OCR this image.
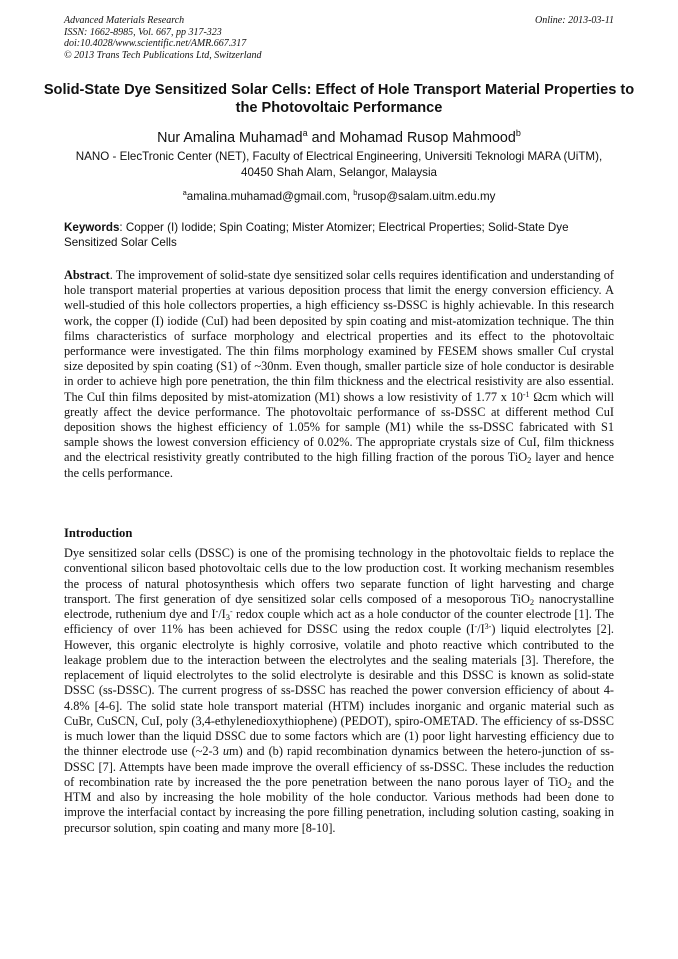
Advanced Materials Research
ISSN: 1662-8985, Vol. 667, pp 317-323
doi:10.4028/www.scientific.net/AMR.667.317
© 2013 Trans Tech Publications Ltd, Switzerland
Online: 2013-03-11
Solid-State Dye Sensitized Solar Cells: Effect of Hole Transport Material Properties to the Photovoltaic Performance
Nur Amalina Muhamad$^a$ and Mohamad Rusop Mahmood$^b$
NANO - ElecTronic Center (NET), Faculty of Electrical Engineering, Universiti Teknologi MARA (UiTM), 40450 Shah Alam, Selangor, Malaysia
$^a$amalina.muhamad@gmail.com, $^b$rusop@salam.uitm.edu.my
Keywords: Copper (I) Iodide; Spin Coating; Mister Atomizer; Electrical Properties; Solid-State Dye Sensitized Solar Cells
Abstract. The improvement of solid-state dye sensitized solar cells requires identification and understanding of hole transport material properties at various deposition process that limit the energy conversion efficiency. A well-studied of this hole collectors properties, a high efficiency ss-DSSC is highly achievable. In this research work, the copper (I) iodide (CuI) had been deposited by spin coating and mist-atomization technique. The thin films characteristics of surface morphology and electrical properties and its effect to the photovoltaic performance were investigated. The thin films morphology examined by FESEM shows smaller CuI crystal size deposited by spin coating (S1) of ~30nm. Even though, smaller particle size of hole conductor is desirable in order to achieve high pore penetration, the thin film thickness and the electrical resistivity are also essential. The CuI thin films deposited by mist-atomization (M1) shows a low resistivity of 1.77 x $10^{-1}$ Ωcm which will greatly affect the device performance. The photovoltaic performance of ss-DSSC at different method CuI deposition shows the highest efficiency of 1.05% for sample (M1) while the ss-DSSC fabricated with S1 sample shows the lowest conversion efficiency of 0.02%. The appropriate crystals size of CuI, film thickness and the electrical resistivity greatly contributed to the high filling fraction of the porous TiO$_2$ layer and hence the cells performance.
Introduction
Dye sensitized solar cells (DSSC) is one of the promising technology in the photovoltaic fields to replace the conventional silicon based photovoltaic cells due to the low production cost. It working mechanism resembles the process of natural photosynthesis which offers two separate function of light harvesting and charge transport. The first generation of dye sensitized solar cells composed of a mesoporous TiO$_2$ nanocrystalline electrode, ruthenium dye and $I^-/I_3^-$ redox couple which act as a hole conductor of the counter electrode [1]. The efficiency of over 11% has been achieved for DSSC using the redox couple $(I^-/I^{3-})$ liquid electrolytes [2]. However, this organic electrolyte is highly corrosive, volatile and photo reactive which contributed to the leakage problem due to the interaction between the electrolytes and the sealing materials [3]. Therefore, the replacement of liquid electrolytes to the solid electrolyte is desirable and this DSSC is known as solid-state DSSC (ss-DSSC). The current progress of ss-DSSC has reached the power conversion efficiency of about 4-4.8% [4-6]. The solid state hole transport material (HTM) includes inorganic and organic material such as CuBr, CuSCN, CuI, poly (3,4-ethylenedioxythiophene) (PEDOT), spiro-OMETAD. The efficiency of ss-DSSC is much lower than the liquid DSSC due to some factors which are (1) poor light harvesting efficiency due to the thinner electrode use (~2-3 um) and (b) rapid recombination dynamics between the hetero-junction of ss-DSSC [7]. Attempts have been made improve the overall efficiency of ss-DSSC. These includes the reduction of recombination rate by increased the the pore penetration between the nano porous layer of TiO$_2$ and the HTM and also by increasing the hole mobility of the hole conductor. Various methods had been done to improve the interfacial contact by increasing the pore filling penetration, including solution casting, soaking in precursor solution, spin coating and many more [8-10].
